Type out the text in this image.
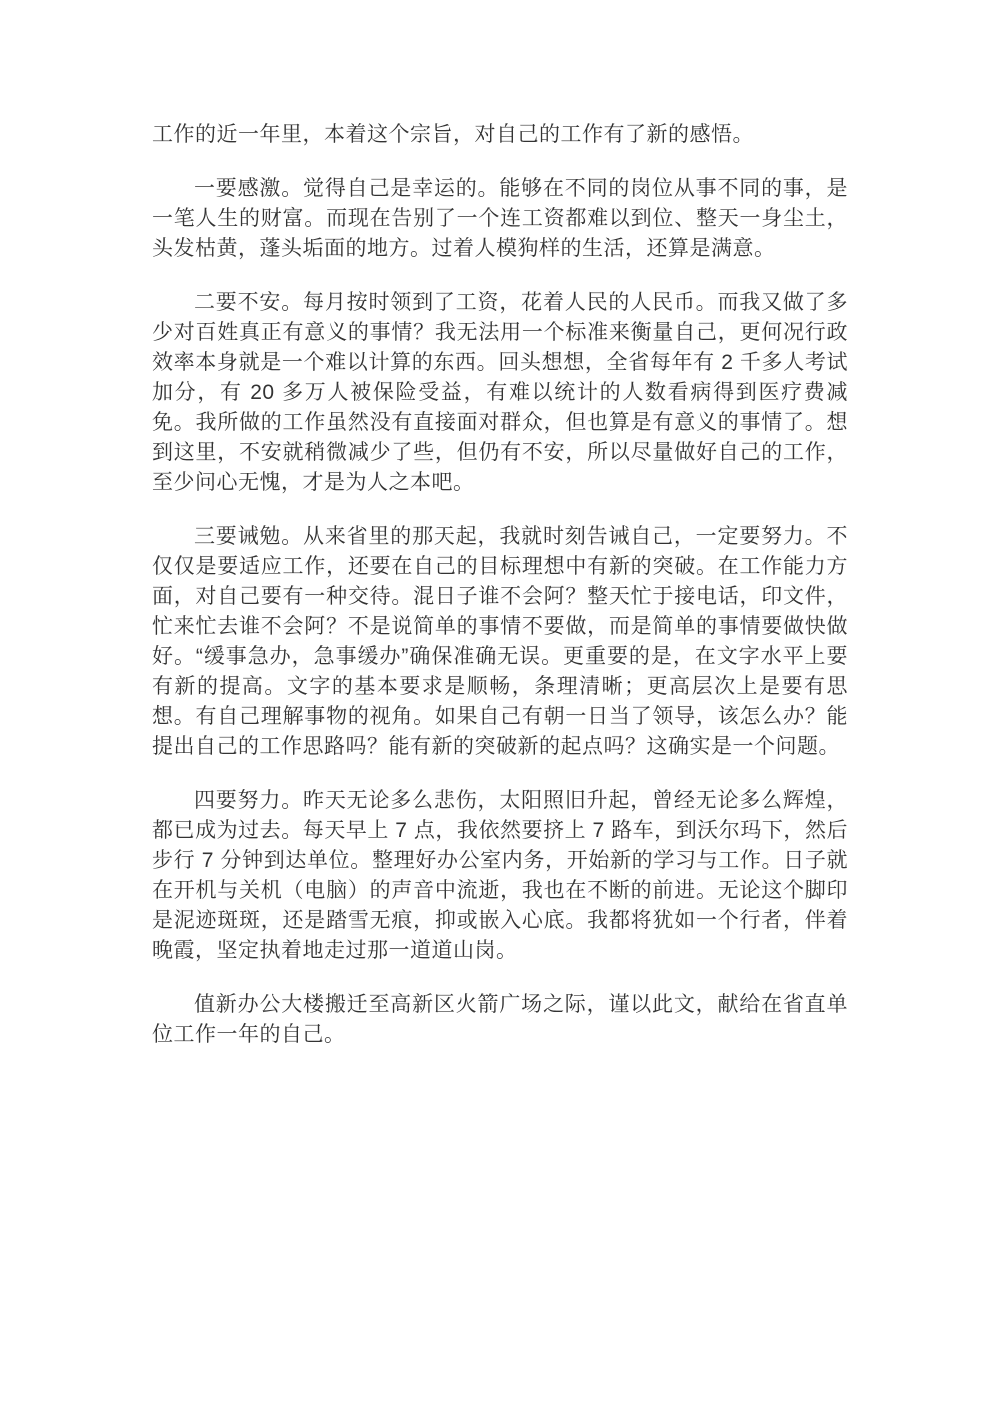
工作的近一年里，本着这个宗旨，对自己的工作有了新的感悟。

一要感激。觉得自己是幸运的。能够在不同的岗位从事不同的事，是一笔人生的财富。而现在告别了一个连工资都难以到位、整天一身尘土，头发枯黄，蓬头垢面的地方。过着人模狗样的生活，还算是满意。

二要不安。每月按时领到了工资，花着人民的人民币。而我又做了多少对百姓真正有意义的事情？我无法用一个标准来衡量自己，更何况行政效率本身就是一个难以计算的东西。回头想想，全省每年有 2 千多人考试加分，有 20 多万人被保险受益，有难以统计的人数看病得到医疗费减免。我所做的工作虽然没有直接面对群众，但也算是有意义的事情了。想到这里，不安就稍微减少了些，但仍有不安，所以尽量做好自己的工作，至少问心无愧，才是为人之本吧。

三要诫勉。从来省里的那天起，我就时刻告诫自己，一定要努力。不仅仅是要适应工作，还要在自己的目标理想中有新的突破。在工作能力方面，对自己要有一种交待。混日子谁不会阿？整天忙于接电话，印文件，忙来忙去谁不会阿？不是说简单的事情不要做，而是简单的事情要做快做好。“缓事急办，急事缓办”确保准确无误。更重要的是，在文字水平上要有新的提高。文字的基本要求是顺畅，条理清晰；更高层次上是要有思想。有自己理解事物的视角。如果自己有朝一日当了领导，该怎么办？能提出自己的工作思路吗？能有新的突破新的起点吗？这确实是一个问题。

四要努力。昨天无论多么悲伤，太阳照旧升起，曾经无论多么辉煌，都已成为过去。每天早上 7 点，我依然要挤上 7 路车，到沃尔玛下，然后步行 7 分钟到达单位。整理好办公室内务，开始新的学习与工作。日子就在开机与关机（电脑）的声音中流逝，我也在不断的前进。无论这个脚印是泥迹斑斑，还是踏雪无痕，抑或嵌入心底。我都将犹如一个行者，伴着晚霞，坚定执着地走过那一道道山岗。

值新办公大楼搬迁至高新区火箭广场之际，谨以此文，献给在省直单位工作一年的自己。
